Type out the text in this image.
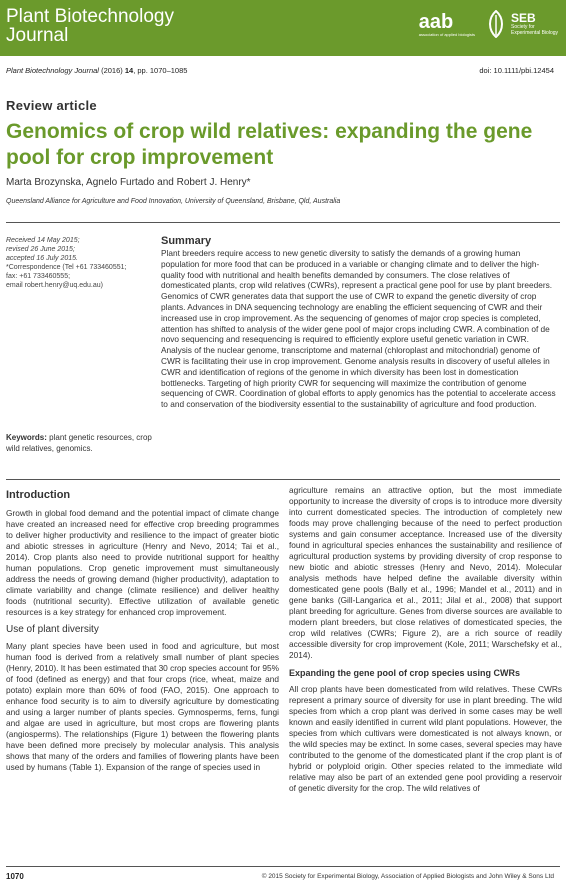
Plant Biotechnology
Journal
aab
association of applied biologists
SEB
Society for
Experimental Biology
Plant Biotechnology Journal (2016) 14, pp. 1070–1085	doi: 10.1111/pbi.12454
Review article
Genomics of crop wild relatives: expanding the gene pool for crop improvement
Marta Brozynska, Agnelo Furtado and Robert J. Henry*
Queensland Alliance for Agriculture and Food Innovation, University of Queensland, Brisbane, Qld, Australia
Received 14 May 2015;
revised 26 June 2015;
accepted 16 July 2015.
*Correspondence (Tel +61 733460551;
fax: +61 733460555;
email robert.henry@uq.edu.au)
Keywords: plant genetic resources, crop wild relatives, genomics.
Summary

Plant breeders require access to new genetic diversity to satisfy the demands of a growing human population for more food that can be produced in a variable or changing climate and to deliver the high-quality food with nutritional and health benefits demanded by consumers. The close relatives of domesticated plants, crop wild relatives (CWRs), represent a practical gene pool for use by plant breeders. Genomics of CWR generates data that support the use of CWR to expand the genetic diversity of crop plants. Advances in DNA sequencing technology are enabling the efficient sequencing of CWR and their increased use in crop improvement. As the sequencing of genomes of major crop species is completed, attention has shifted to analysis of the wider gene pool of major crops including CWR. A combination of de novo sequencing and resequencing is required to efficiently explore useful genetic variation in CWR. Analysis of the nuclear genome, transcriptome and maternal (chloroplast and mitochondrial) genome of CWR is facilitating their use in crop improvement. Genome analysis results in discovery of useful alleles in CWR and identification of regions of the genome in which diversity has been lost in domestication bottlenecks. Targeting of high priority CWR for sequencing will maximize the contribution of genome sequencing of CWR. Coordination of global efforts to apply genomics has the potential to accelerate access to and conservation of the biodiversity essential to the sustainability of agriculture and food production.

Introduction

Growth in global food demand and the potential impact of climate change have created an increased need for effective crop breeding programmes to deliver higher productivity and resilience to the impact of greater biotic and abiotic stresses in agriculture (Henry and Nevo, 2014; Tai et al., 2014). Crop plants also need to provide nutritional support for healthy human populations. Crop genetic improvement must simultaneously address the needs of growing demand (higher productivity), adaptation to climate variability and change (climate resilience) and deliver healthy foods (nutritional security). Effective utilization of available genetic resources is a key strategy for enhanced crop improvement.

Use of plant diversity

Many plant species have been used in food and agriculture, but most human food is derived from a relatively small number of plant species (Henry, 2010). It has been estimated that 30 crop species account for 95% of food (defined as energy) and that four crops (rice, wheat, maize and potato) explain more than 60% of food (FAO, 2015). One approach to enhance food security is to aim to diversify agriculture by domesticating and using a larger number of plants species. Gymnosperms, ferns, fungi and algae are used in agriculture, but most crops are flowering plants (angiosperms). The relationships (Figure 1) between the flowering plants have been defined more precisely by molecular analysis. This analysis shows that many of the orders and families of flowering plants have been used by humans (Table 1). Expansion of the range of species used in

agriculture remains an attractive option, but the most immediate opportunity to increase the diversity of crops is to introduce more diversity into current domesticated species. The introduction of completely new foods may prove challenging because of the need to perfect production systems and gain consumer acceptance. Increased use of the diversity found in agricultural species enhances the sustainability and resilience of agricultural production systems by providing diversity of crop response to new biotic and abiotic stresses (Henry and Nevo, 2014). Molecular analysis methods have helped define the available diversity within domesticated gene pools (Bally et al., 1996; Mandel et al., 2011) and in gene banks (Gill-Langarica et al., 2011; Jilal et al., 2008) that support plant breeding for agriculture. Genes from diverse sources are available to modern plant breeders, but close relatives of domesticated species, the crop wild relatives (CWRs; Figure 2), are a rich source of readily accessible diversity for crop improvement (Kole, 2011; Warschefsky et al., 2014).

Expanding the gene pool of crop species using CWRs

All crop plants have been domesticated from wild relatives. These CWRs represent a primary source of diversity for use in plant breeding. The wild species from which a crop plant was derived in some cases may be well known and easily identified in current wild plant populations. However, the species from which cultivars were domesticated is not always known, or the wild species may be extinct. In some cases, several species may have contributed to the genome of the domesticated plant if the crop plant is of hybrid or polyploid origin. Other species related to the immediate wild relative may also be part of an extended gene pool providing a reservoir of genetic diversity for the crop. The wild relatives of

1070	© 2015 Society for Experimental Biology, Association of Applied Biologists and John Wiley & Sons Ltd
